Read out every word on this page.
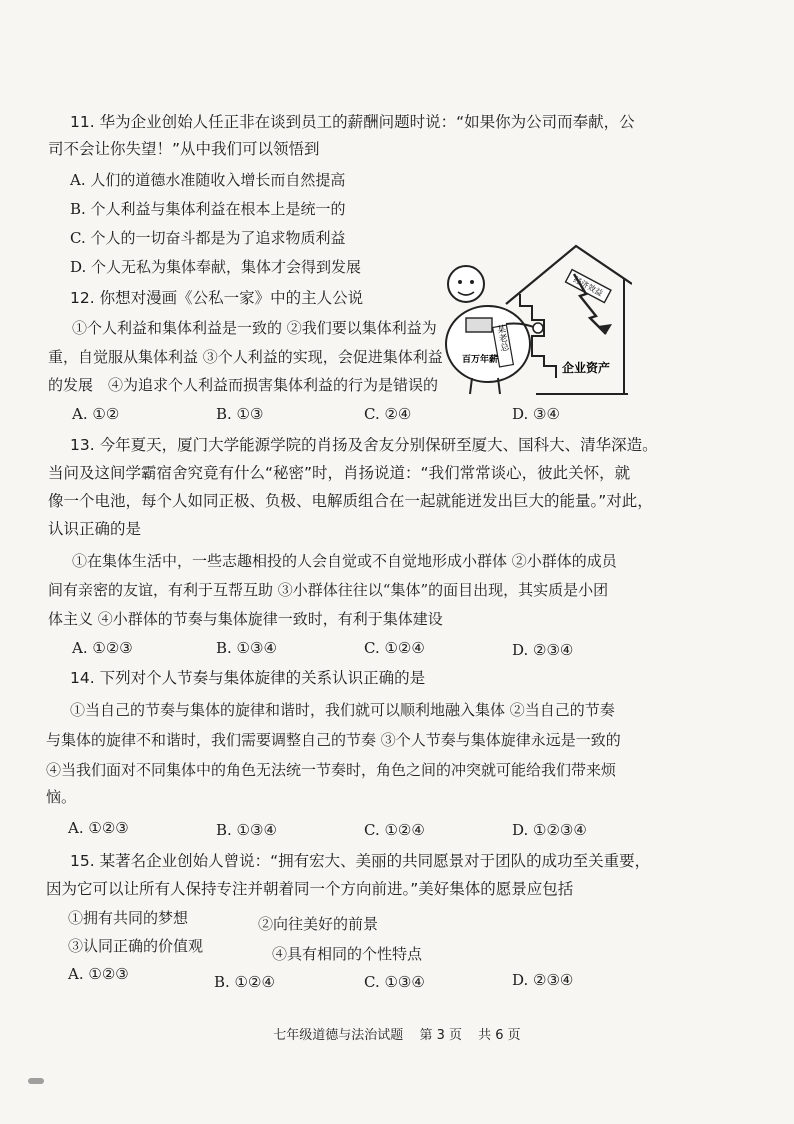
11. 华为企业创始人任正非在谈到员工的薪酬问题时说：“如果你为公司而奉献，公
司不会让你失望！”从中我们可以领悟到
A. 人们的道德水准随收入增长而自然提高
B. 个人利益与集体利益在根本上是统一的
C. 个人的一切奋斗都是为了追求物质利益
D. 个人无私为集体奉献，集体才会得到发展
12. 你想对漫画《公私一家》中的主人公说
①个人利益和集体利益是一致的 ②我们要以集体利益为
重，自觉服从集体利益 ③个人利益的实现，会促进集体利益
的发展　④为追求个人利益而损害集体利益的行为是错误的
A. ①②	B. ①③	C. ②④	D. ③④
经济效益
企业资产
某老总
百万年薪
13. 今年夏天，厦门大学能源学院的肖扬及舍友分别保研至厦大、国科大、清华深造。
当问及这间学霸宿舍究竟有什么“秘密”时，肖扬说道：“我们常常谈心，彼此关怀，就
像一个电池，每个人如同正极、负极、电解质组合在一起就能迸发出巨大的能量。”对此，
认识正确的是
①在集体生活中，一些志趣相投的人会自觉或不自觉地形成小群体 ②小群体的成员
间有亲密的友谊，有利于互帮互助 ③小群体往往以“集体”的面目出现，其实质是小团
体主义 ④小群体的节奏与集体旋律一致时，有利于集体建设
A. ①②③	B. ①③④	C. ①②④	D. ②③④
14. 下列对个人节奏与集体旋律的关系认识正确的是
①当自己的节奏与集体的旋律和谐时，我们就可以顺利地融入集体 ②当自己的节奏
与集体的旋律不和谐时，我们需要调整自己的节奏 ③个人节奏与集体旋律永远是一致的
④当我们面对不同集体中的角色无法统一节奏时，角色之间的冲突就可能给我们带来烦
恼。
A. ①②③	B. ①③④	C. ①②④	D. ①②③④
15. 某著名企业创始人曾说：“拥有宏大、美丽的共同愿景对于团队的成功至关重要，
因为它可以让所有人保持专注并朝着同一个方向前进。”美好集体的愿景应包括
①拥有共同的梦想	②向往美好的前景
③认同正确的价值观	④具有相同的个性特点
A. ①②③	B. ①②④	C. ①③④	D. ②③④
七年级道德与法治试题 第 3 页 共 6 页
